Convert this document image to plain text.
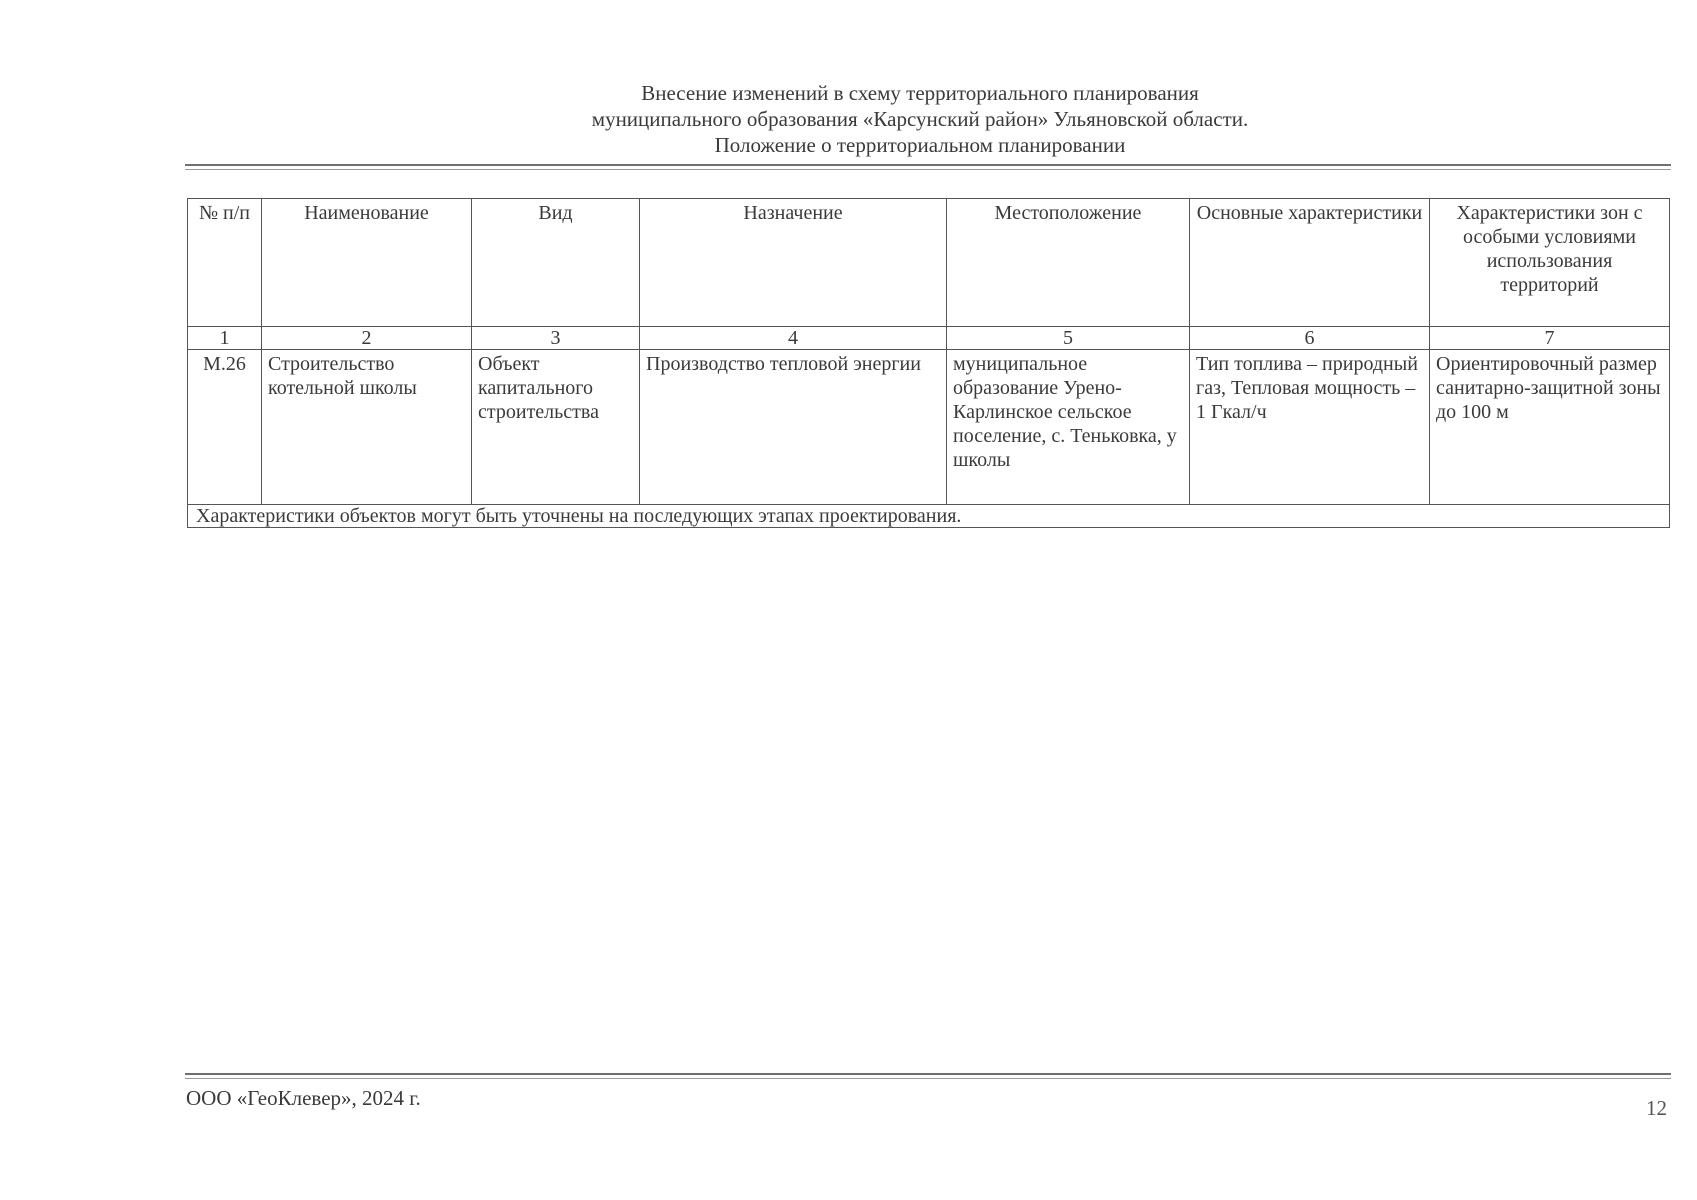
Внесение изменений в схему территориального планирования
муниципального образования «Карсунский район» Ульяновской области.
Положение о территориальном планировании
№ п/п	Наименование	Вид	Назначение	Местоположение	Основные характеристики	Характеристики зон с особыми условиями использования территорий
1	2	3	4	5	6	7
М.26	Строительство котельной школы	Объект капитального строительства	Производство тепловой энергии	муниципальное образование Урено-Карлинское сельское поселение, с. Теньковка, у школы	Тип топлива – природный газ, Тепловая мощность – 1 Гкал/ч	Ориентировочный размер санитарно-защитной зоны до 100 м
Характеристики объектов могут быть уточнены на последующих этапах проектирования.						
ООО «ГеоКлевер», 2024 г.	12
